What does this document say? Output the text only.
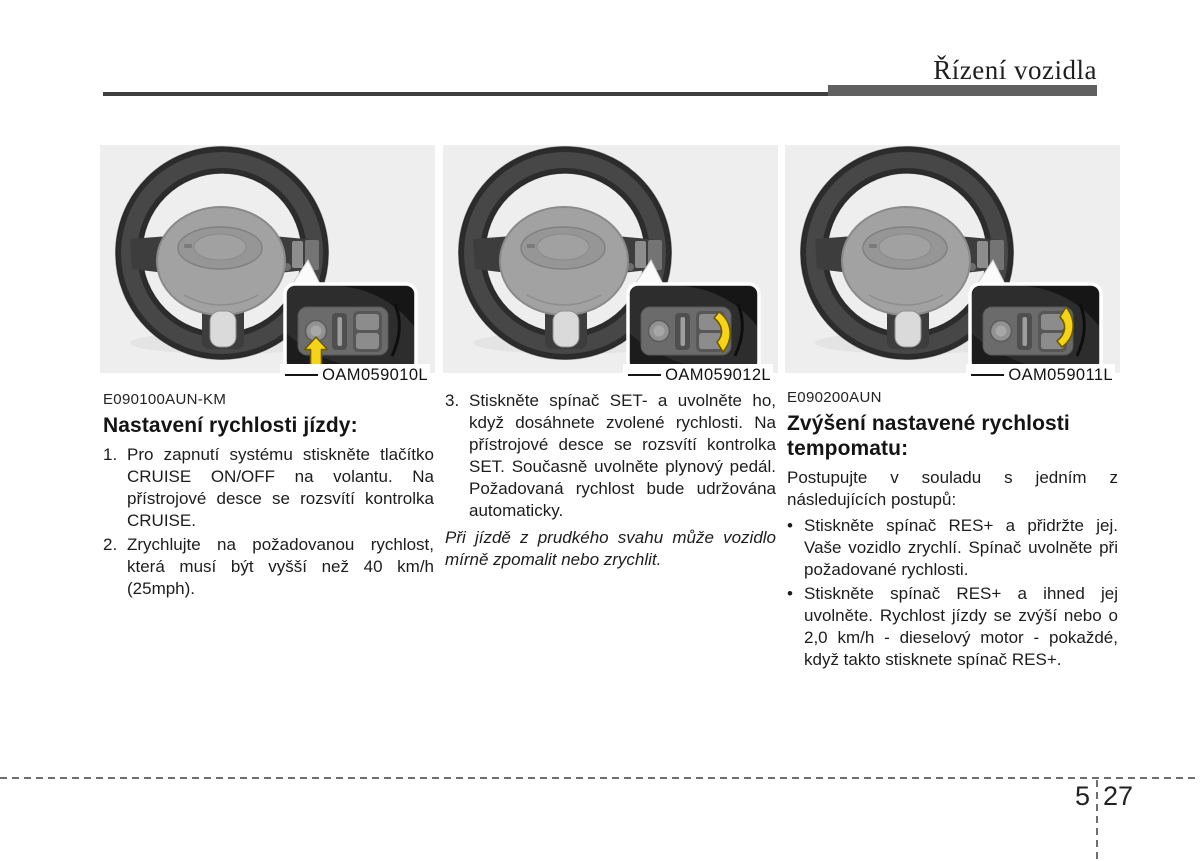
Řízení vozidla
OAM059010L	OAM059012L	OAM059011L
E090100AUN-KM
Nastavení rychlosti jízdy:
1. Pro zapnutí systému stiskněte tlačítko CRUISE ON/OFF na volantu. Na přístrojové desce se rozsvítí kontrolka CRUISE.
2. Zrychlujte na požadovanou rychlost, která musí být vyšší než 40 km/h (25mph).
3. Stiskněte spínač SET- a uvolněte ho, když dosáhnete zvolené rychlosti. Na přístrojové desce se rozsvítí kontrolka SET. Současně uvolněte plynový pedál. Požadovaná rychlost bude udržována automaticky.
Při jízdě z prudkého svahu může vozidlo mírně zpomalit nebo zrychlit.
E090200AUN
Zvýšení nastavené rychlosti tempomatu:
Postupujte v souladu s jedním z následujících postupů:
• Stiskněte spínač RES+ a přidržte jej. Vaše vozidlo zrychlí. Spínač uvolněte při požadované rychlosti.
• Stiskněte spínač RES+ a ihned jej uvolněte. Rychlost jízdy se zvýší nebo o 2,0 km/h - dieselový motor - pokaždé, když takto stisknete spínač RES+.
5 27
